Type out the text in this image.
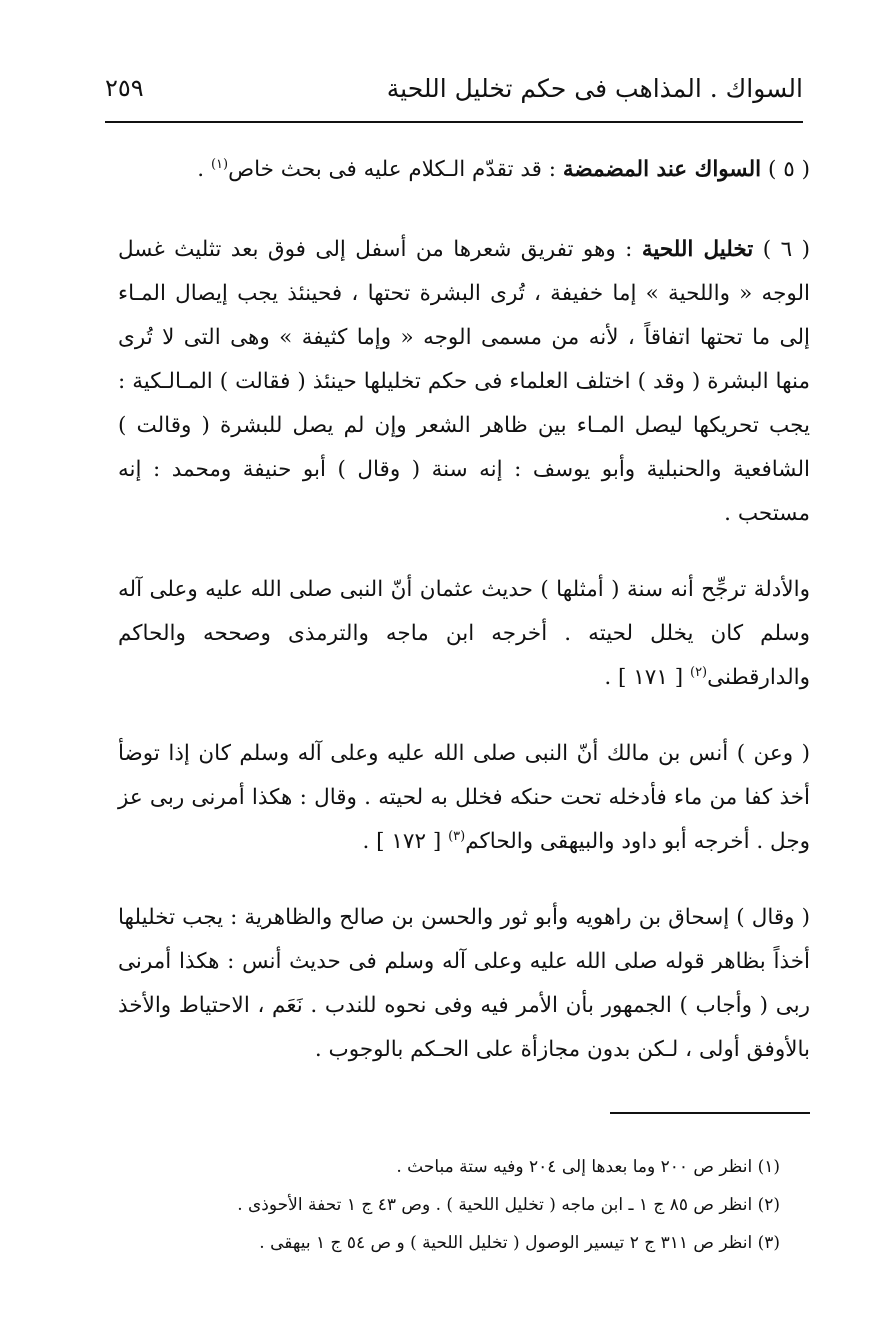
السواك . المذاهب فى حكم تخليل اللحية
٢٥٩

( ٥ ) السواك عند المضمضة : قد تقدّم الـكلام عليه فى بحث خاص$^{(١)}$ .

( ٦ ) تخليل اللحية : وهو تفريق شعرها من أسفل إلى فوق بعد تثليث غسل الوجه « واللحية » إما خفيفة ، تُرى البشرة تحتها ، فحينئذ يجب إيصال المـاء إلى ما تحتها اتفاقاً ، لأنه من مسمى الوجه « وإما كثيفة » وهى التى لا تُرى منها البشرة ( وقد ) اختلف العلماء فى حكم تخليلها حينئذ ( فقالت ) المـالـكية : يجب تحريكها ليصل المـاء بين ظاهر الشعر وإن لم يصل للبشرة ( وقالت ) الشافعية والحنبلية وأبو يوسف : إنه سنة ( وقال ) أبو حنيفة ومحمد : إنه مستحب .

والأدلة ترجِّح أنه سنة ( أمثلها ) حديث عثمان أنّ النبى صلى الله عليه وعلى آله وسلم كان يخلل لحيته . أخرجه ابن ماجه والترمذى وصححه والحاكم والدارقطنى$^{(٢)}$ [ ١٧١ ] .

( وعن ) أنس بن مالك أنّ النبى صلى الله عليه وعلى آله وسلم كان إذا توضأ أخذ كفا من ماء فأدخله تحت حنكه فخلل به لحيته . وقال : هكذا أمرنى ربى عز وجل . أخرجه أبو داود والبيهقى والحاكم$^{(٣)}$ [ ١٧٢ ] .

( وقال ) إسحاق بن راهويه وأبو ثور والحسن بن صالح والظاهرية : يجب تخليلها أخذاً بظاهر قوله صلى الله عليه وعلى آله وسلم فى حديث أنس : هكذا أمرنى ربى ( وأجاب ) الجمهور بأن الأمر فيه وفى نحوه للندب . نَعَم ، الاحتياط والأخذ بالأوفق أولى ، لـكن بدون مجازأة على الحـكم بالوجوب .

(١) انظر ص ٢٠٠ وما بعدها إلى ٢٠٤ وفيه ستة مباحث .

(٢) انظر ص ٨٥ ج ١ ـ ابن ماجه ( تخليل اللحية ) . وص ٤٣ ج ١ تحفة الأحوذى .

(٣) انظر ص ٣١١ ج ٢ تيسير الوصول ( تخليل اللحية ) و ص ٥٤ ج ١ بيهقى .
